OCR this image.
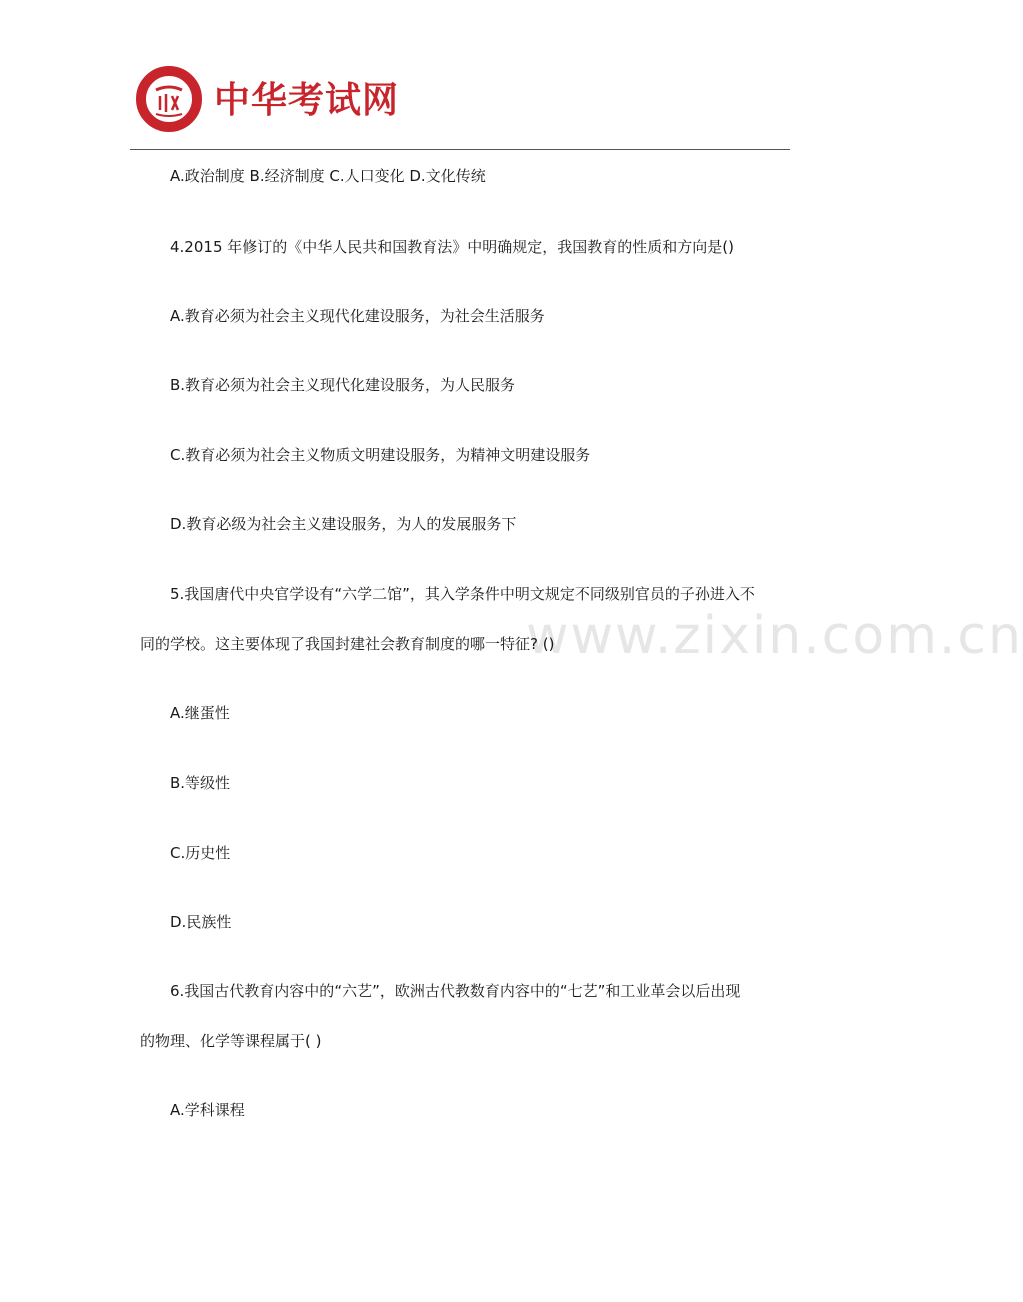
中华考试网
www.zixin.com.cn
A.政治制度 B.经济制度 C.人口变化 D.文化传统
4.2015 年修订的《中华人民共和国教育法》中明确规定，我国教育的性质和方向是()
A.教育必须为社会主义现代化建设服务，为社会生活服务
B.教育必须为社会主义现代化建设服务，为人民服务
C.教育必须为社会主义物质文明建设服务，为精神文明建设服务
D.教育必级为社会主义建设服务，为人的发展服务下
5.我国唐代中央官学设有“六学二馆”，其入学条件中明文规定不同级别官员的子孙进入不
同的学校。这主要体现了我国封建社会教育制度的哪一特征? ()
A.继蛋性
B.等级性
C.历史性
D.民族性
6.我国古代教育内容中的“六艺”，欧洲古代教数育内容中的“七艺”和工业革会以后出现
的物理、化学等课程属于( )
A.学科课程
